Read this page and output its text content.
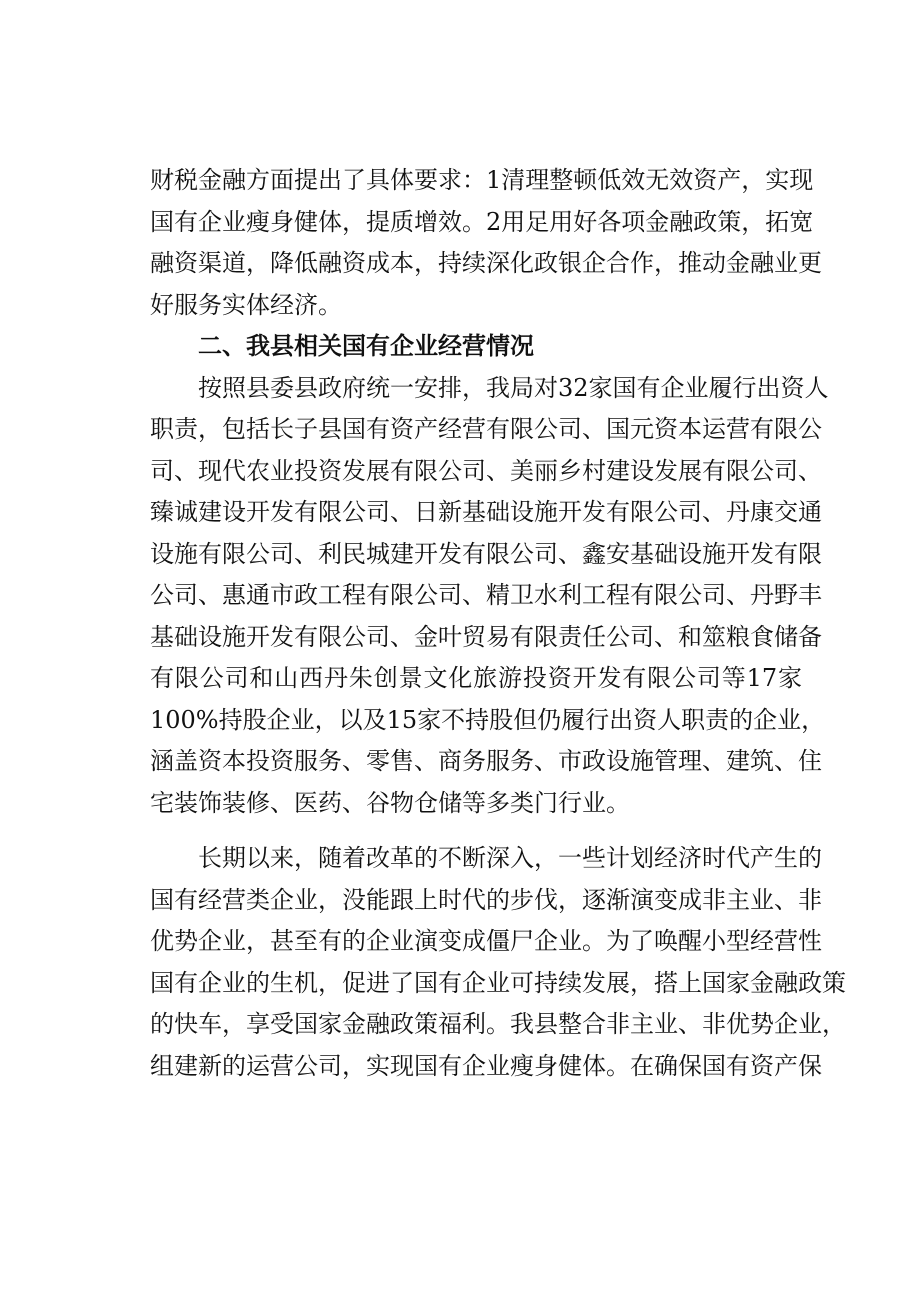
财税金融方面提出了具体要求：1清理整顿低效无效资产，实现
国有企业瘦身健体，提质增效。2用足用好各项金融政策，拓宽
融资渠道，降低融资成本，持续深化政银企合作，推动金融业更
好服务实体经济。
二、我县相关国有企业经营情况
按照县委县政府统一安排，我局对32家国有企业履行出资人
职责，包括长子县国有资产经营有限公司、国元资本运营有限公
司、现代农业投资发展有限公司、美丽乡村建设发展有限公司、
臻诚建设开发有限公司、日新基础设施开发有限公司、丹康交通
设施有限公司、利民城建开发有限公司、鑫安基础设施开发有限
公司、惠通市政工程有限公司、精卫水利工程有限公司、丹野丰
基础设施开发有限公司、金叶贸易有限责任公司、和筮粮食储备
有限公司和山西丹朱创景文化旅游投资开发有限公司等17家
100%持股企业，以及15家不持股但仍履行出资人职责的企业，
涵盖资本投资服务、零售、商务服务、市政设施管理、建筑、住
宅装饰装修、医药、谷物仓储等多类门行业。
长期以来，随着改革的不断深入，一些计划经济时代产生的
国有经营类企业，没能跟上时代的步伐，逐渐演变成非主业、非
优势企业，甚至有的企业演变成僵尸企业。为了唤醒小型经营性
国有企业的生机，促进了国有企业可持续发展，搭上国家金融政策
的快车，享受国家金融政策福利。我县整合非主业、非优势企业，
组建新的运营公司，实现国有企业瘦身健体。在确保国有资产保
